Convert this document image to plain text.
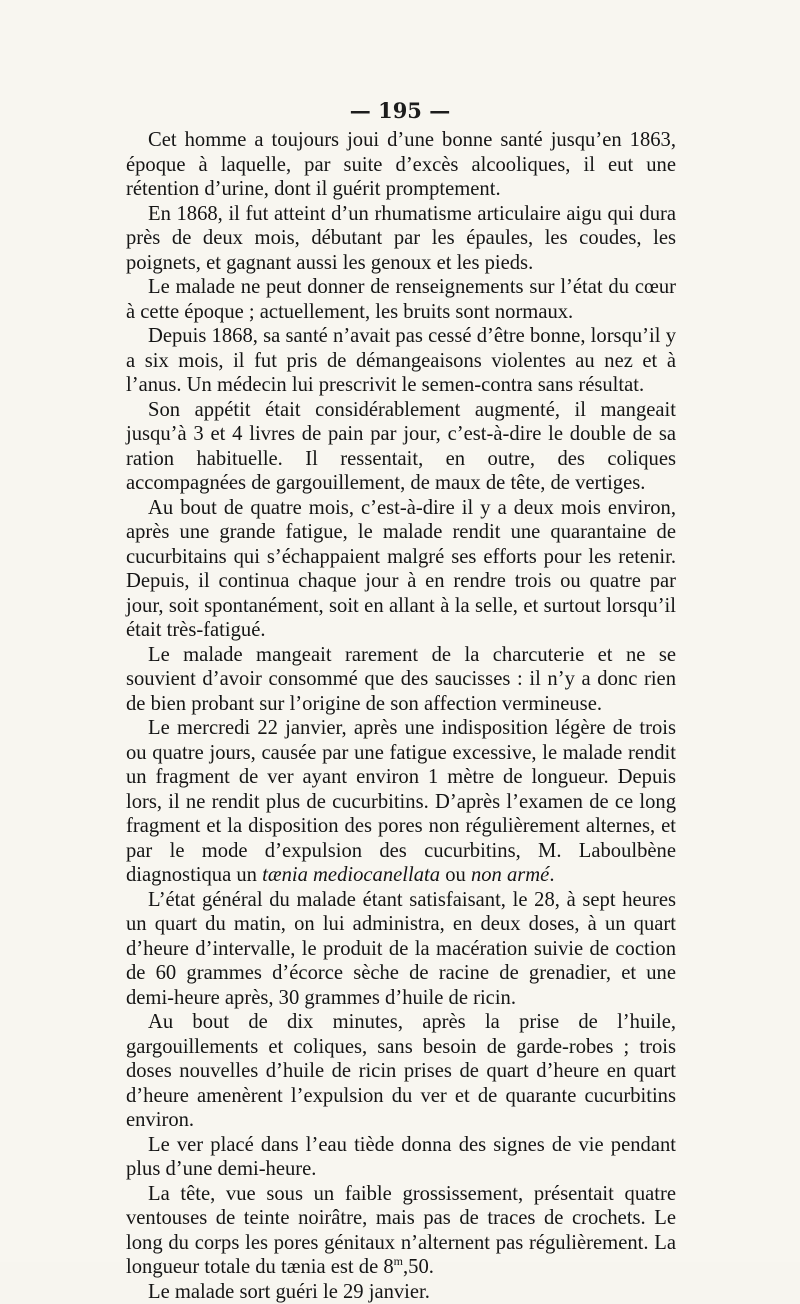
— 195 —

Cet homme a toujours joui d’une bonne santé jusqu’en 1863, époque à laquelle, par suite d’excès alcooliques, il eut une rétention d’urine, dont il guérit promptement.

En 1868, il fut atteint d’un rhumatisme articulaire aigu qui dura près de deux mois, débutant par les épaules, les coudes, les poignets, et gagnant aussi les genoux et les pieds.

Le malade ne peut donner de renseignements sur l’état du cœur à cette époque ; actuellement, les bruits sont normaux.

Depuis 1868, sa santé n’avait pas cessé d’être bonne, lorsqu’il y a six mois, il fut pris de démangeaisons violentes au nez et à l’anus. Un médecin lui prescrivit le semen-contra sans résultat.

Son appétit était considérablement augmenté, il mangeait jusqu’à 3 et 4 livres de pain par jour, c’est-à-dire le double de sa ration habituelle. Il ressentait, en outre, des coliques accompagnées de gargouillement, de maux de tête, de vertiges.

Au bout de quatre mois, c’est-à-dire il y a deux mois environ, après une grande fatigue, le malade rendit une quarantaine de cucurbitains qui s’échappaient malgré ses efforts pour les retenir. Depuis, il continua chaque jour à en rendre trois ou quatre par jour, soit spontanément, soit en allant à la selle, et surtout lorsqu’il était très-fatigué.

Le malade mangeait rarement de la charcuterie et ne se souvient d’avoir consommé que des saucisses : il n’y a donc rien de bien probant sur l’origine de son affection vermineuse.

Le mercredi 22 janvier, après une indisposition légère de trois ou quatre jours, causée par une fatigue excessive, le malade rendit un fragment de ver ayant environ 1 mètre de longueur. Depuis lors, il ne rendit plus de cucurbitins. D’après l’examen de ce long fragment et la disposition des pores non régulièrement alternes, et par le mode d’expulsion des cucurbitins, M. Laboulbène diagnostiqua un tænia mediocanellata ou non armé.

L’état général du malade étant satisfaisant, le 28, à sept heures un quart du matin, on lui administra, en deux doses, à un quart d’heure d’intervalle, le produit de la macération suivie de coction de 60 grammes d’écorce sèche de racine de grenadier, et une demi-heure après, 30 grammes d’huile de ricin.

Au bout de dix minutes, après la prise de l’huile, gargouillements et coliques, sans besoin de garde-robes ; trois doses nouvelles d’huile de ricin prises de quart d’heure en quart d’heure amenèrent l’expulsion du ver et de quarante cucurbitins environ.

Le ver placé dans l’eau tiède donna des signes de vie pendant plus d’une demi-heure.

La tête, vue sous un faible grossissement, présentait quatre ventouses de teinte noirâtre, mais pas de traces de crochets. Le long du corps les pores génitaux n’alternent pas régulièrement. La longueur totale du tænia est de 8$^m$,50.

Le malade sort guéri le 29 janvier.
